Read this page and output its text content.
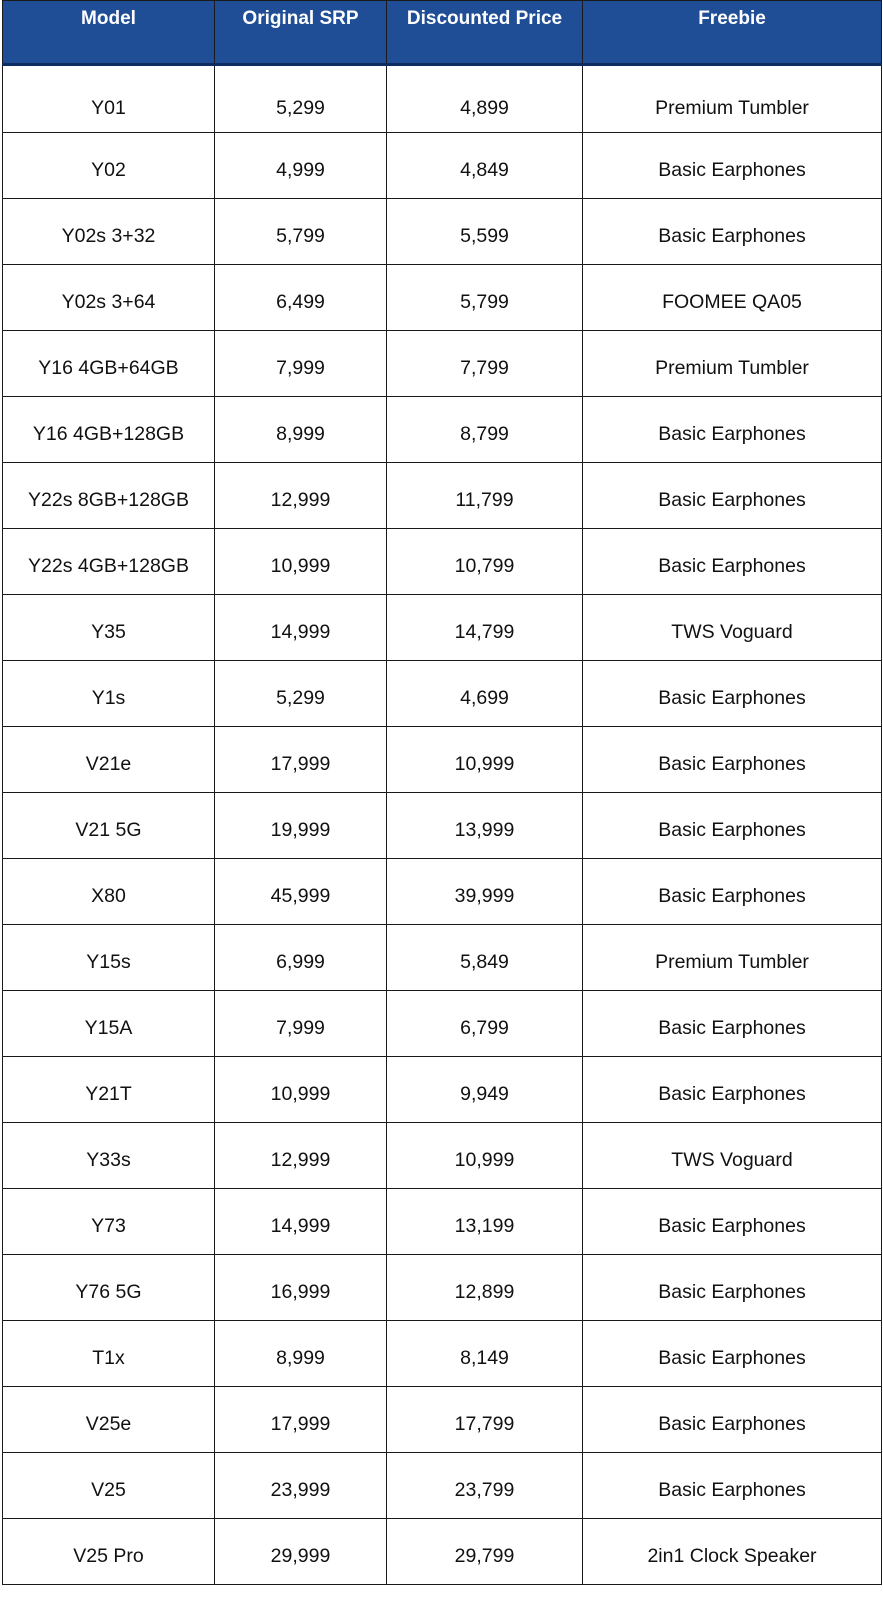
Model	Original SRP	Discounted Price	Freebie
Y01	5,299	4,899	Premium Tumbler
Y02	4,999	4,849	Basic Earphones
Y02s 3+32	5,799	5,599	Basic Earphones
Y02s 3+64	6,499	5,799	FOOMEE QA05
Y16 4GB+64GB	7,999	7,799	Premium Tumbler
Y16 4GB+128GB	8,999	8,799	Basic Earphones
Y22s 8GB+128GB	12,999	11,799	Basic Earphones
Y22s 4GB+128GB	10,999	10,799	Basic Earphones
Y35	14,999	14,799	TWS Voguard
Y1s	5,299	4,699	Basic Earphones
V21e	17,999	10,999	Basic Earphones
V21 5G	19,999	13,999	Basic Earphones
X80	45,999	39,999	Basic Earphones
Y15s	6,999	5,849	Premium Tumbler
Y15A	7,999	6,799	Basic Earphones
Y21T	10,999	9,949	Basic Earphones
Y33s	12,999	10,999	TWS Voguard
Y73	14,999	13,199	Basic Earphones
Y76 5G	16,999	12,899	Basic Earphones
T1x	8,999	8,149	Basic Earphones
V25e	17,999	17,799	Basic Earphones
V25	23,999	23,799	Basic Earphones
V25 Pro	29,999	29,799	2in1 Clock Speaker
